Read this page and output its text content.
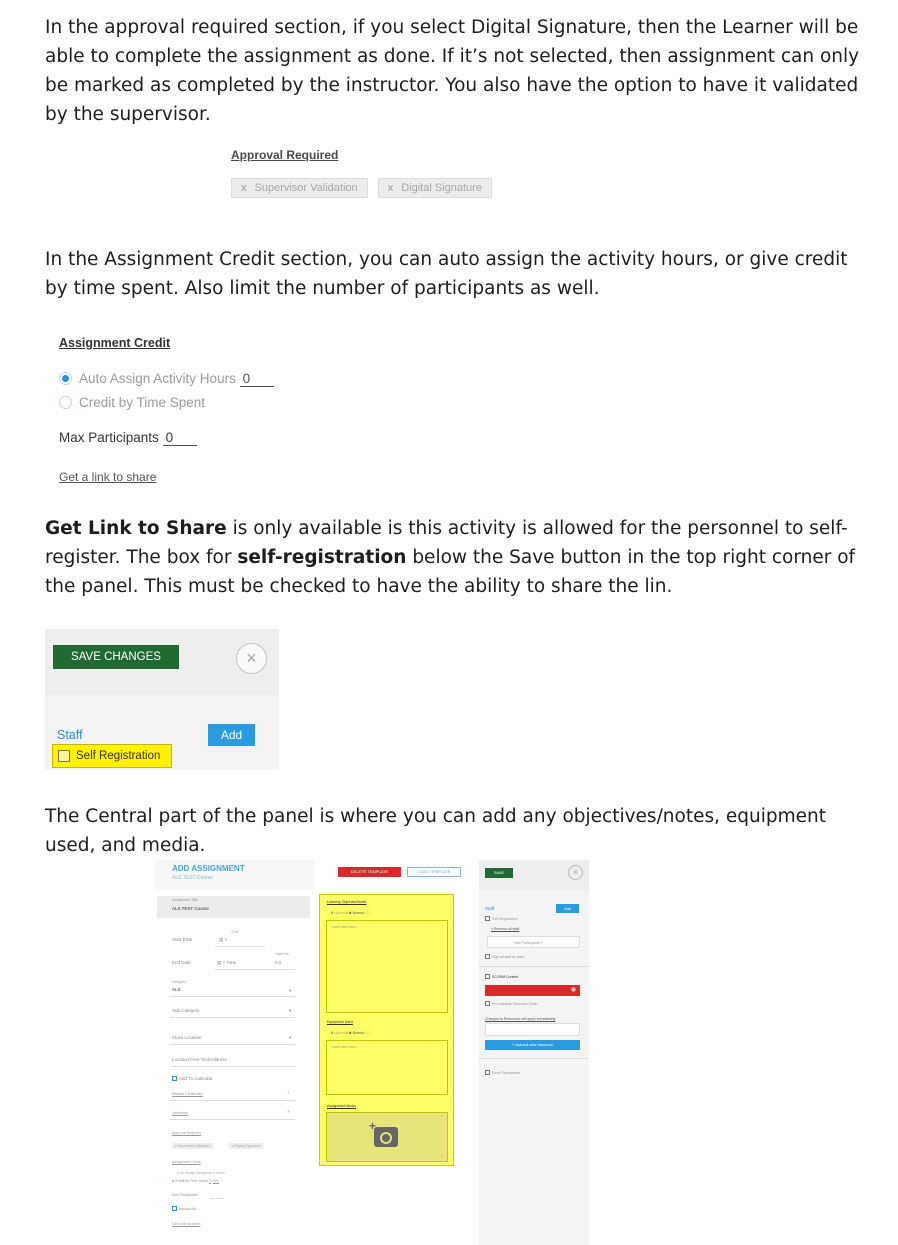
In the approval required section, if you select Digital Signature, then the Learner will be able to complete the assignment as done. If it’s not selected, then assignment can only be marked as completed by the instructor. You also have the option to have it validated by the supervisor.

Approval Required
x Supervisor Validation	x Digital Signature

In the Assignment Credit section, you can auto assign the activity hours, or give credit by time spent. Also limit the number of participants as well.

Assignment Credit
Auto Assign Activity Hours 0
Credit by Time Spent
Max Participants 0
Get a link to share

Get Link to Share is only available is this activity is allowed for the personnel to self-register. The box for self-registration below the Save button in the top right corner of the panel. This must be checked to have the ability to share the lin.

SAVE CHANGES	×
Staff	Add
Self Registration

The Central part of the panel is where you can add any objectives/notes, equipment used, and media.

ADD ASSIGNMENT
ALS TEST Course
Assignment Title
ALS TEST Course
Time
Start Date	▤ ×
Total Hrs
End Date	▤ × Time	0.0
Category
ALS	▾
Sub Category	▾
Class Location	▾
Location Free Text\Address
Add To Calendar
Related Certificates	+
Instructors	+
Approval Required
x Supervisor Validation	x Digital Signature
Assignment Credit
Auto Assign Assignment Hours
● Credit by Time Spent 0 999
Max Participants
Manual Aid
Get a link to share
DELETE TEMPLATE	LOAD TEMPLATE
Learning Objective/Notes
B I U ≡ ≡ A ✖ Normal ↕ ⛶
Insert text here...
Equipment Used
B I U ≡ ≡ A ✖ Normal ↕ ⛶
Insert text here...
Assignment Media
+
⌃
⌄
SAVE	×
Staff	Add
Self Registration
× Remove all staff
Total Participants 0
Sign all staff as done
SCORM Content
◉
Pre requisite Resource Order
Changes to Resources will apply immediately
+ Upload new resource
Email Participants
